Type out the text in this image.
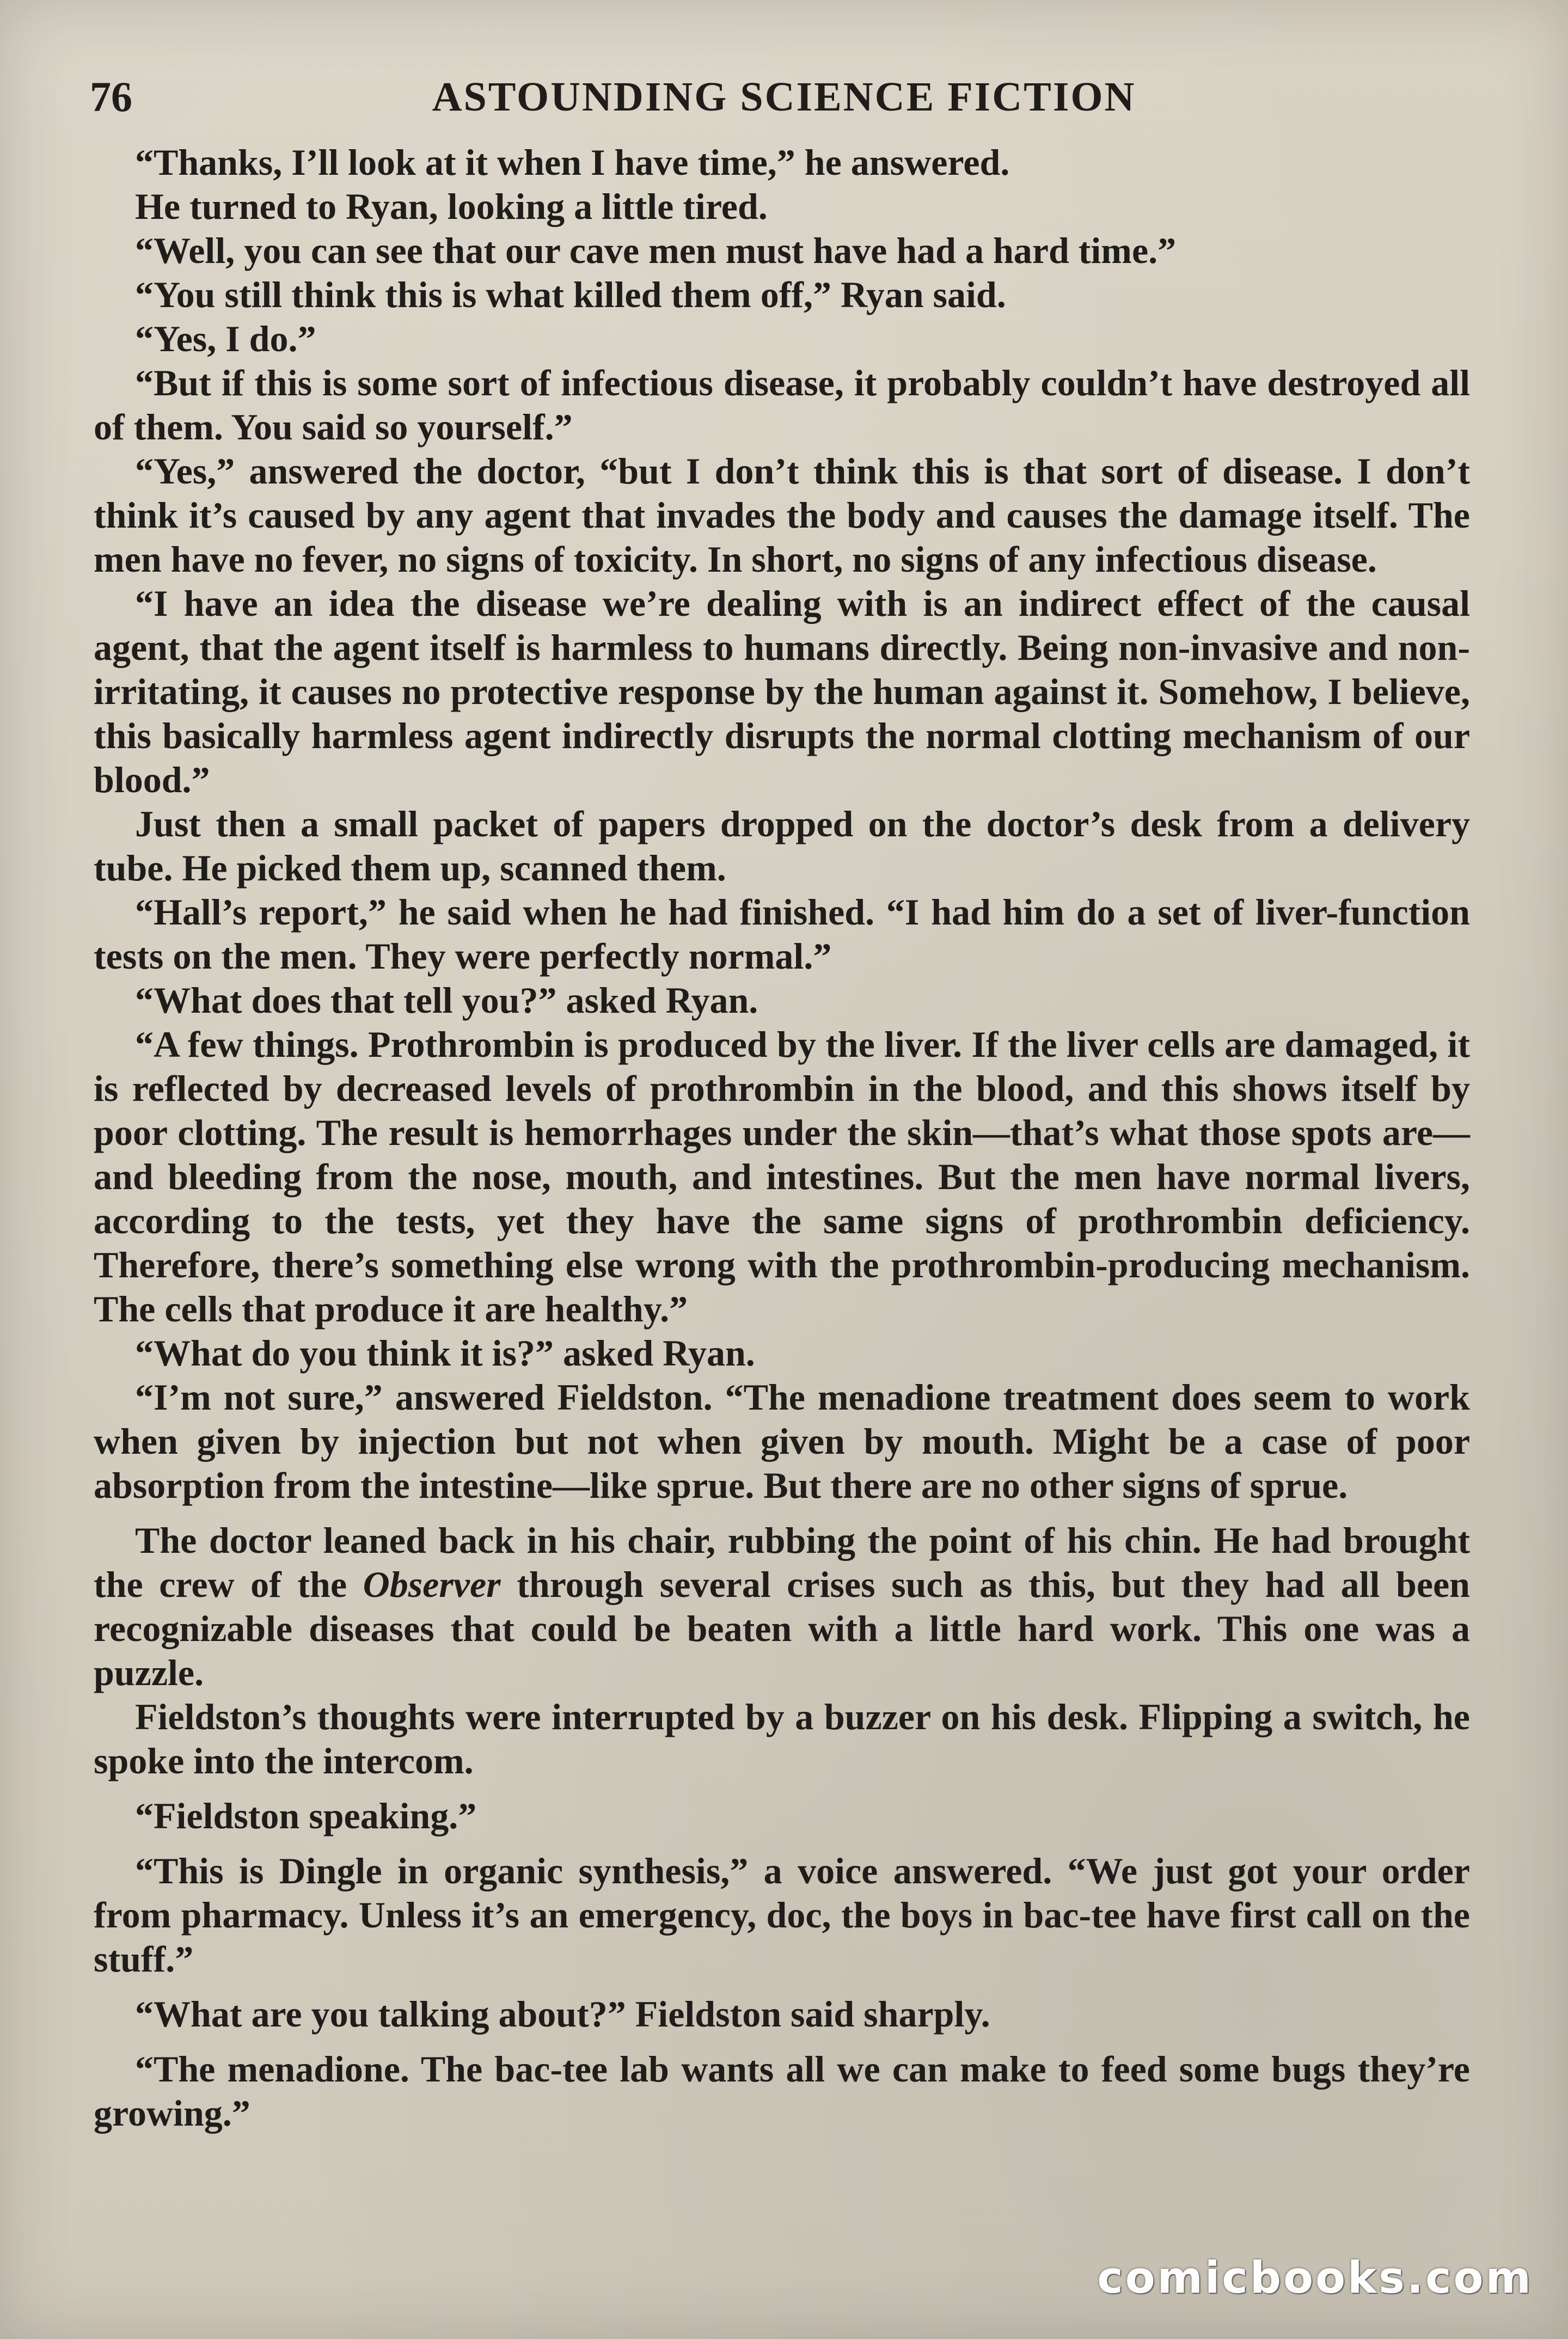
76	ASTOUNDING SCIENCE FICTION

“Thanks, I’ll look at it when I have time,” he answered.

He turned to Ryan, looking a little tired.

“Well, you can see that our cave men must have had a hard time.”

“You still think this is what killed them off,” Ryan said.

“Yes, I do.”

“But if this is some sort of infectious disease, it probably couldn’t have destroyed all of them. You said so yourself.”

“Yes,” answered the doctor, “but I don’t think this is that sort of disease. I don’t think it’s caused by any agent that invades the body and causes the damage itself. The men have no fever, no signs of toxicity. In short, no signs of any infectious disease.

“I have an idea the disease we’re dealing with is an indirect effect of the causal agent, that the agent itself is harmless to humans directly. Being non-invasive and non-irritating, it causes no protective response by the human against it. Somehow, I believe, this basically harmless agent indirectly disrupts the normal clotting mechanism of our blood.”

Just then a small packet of papers dropped on the doctor’s desk from a delivery tube. He picked them up, scanned them.

“Hall’s report,” he said when he had finished. “I had him do a set of liver-function tests on the men. They were perfectly normal.”

“What does that tell you?” asked Ryan.

“A few things. Prothrombin is produced by the liver. If the liver cells are damaged, it is reflected by decreased levels of prothrombin in the blood, and this shows itself by poor clotting. The result is hemorrhages under the skin—that’s what those spots are—and bleeding from the nose, mouth, and intestines. But the men have normal livers, according to the tests, yet they have the same signs of prothrombin deficiency. Therefore, there’s something else wrong with the prothrombin-producing mechanism. The cells that produce it are healthy.”

“What do you think it is?” asked Ryan.

“I’m not sure,” answered Fieldston. “The menadione treatment does seem to work when given by injection but not when given by mouth. Might be a case of poor absorption from the intestine—like sprue. But there are no other signs of sprue.

The doctor leaned back in his chair, rubbing the point of his chin. He had brought the crew of the Observer through several crises such as this, but they had all been recognizable diseases that could be beaten with a little hard work. This one was a puzzle.

Fieldston’s thoughts were interrupted by a buzzer on his desk. Flipping a switch, he spoke into the intercom.

“Fieldston speaking.”

“This is Dingle in organic synthesis,” a voice answered. “We just got your order from pharmacy. Unless it’s an emergency, doc, the boys in bac-tee have first call on the stuff.”

“What are you talking about?” Fieldston said sharply.

“The menadione. The bac-tee lab wants all we can make to feed some bugs they’re growing.”

comicbooks.com
